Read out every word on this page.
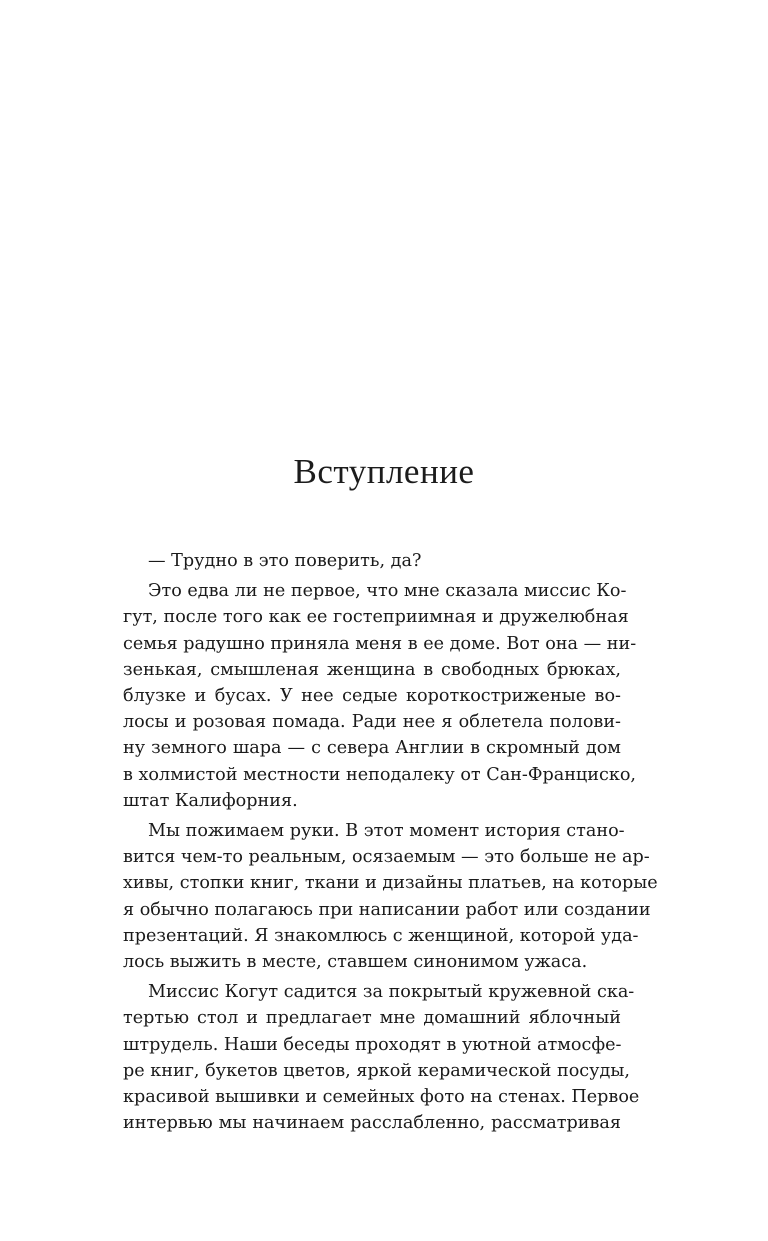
Вступление
— Трудно в это поверить, да?
Это едва ли не первое, что мне сказала миссис Ко-
гут, после того как ее гостеприимная и дружелюбная
семья радушно приняла меня в ее доме. Вот она — ни-
зенькая, смышленая женщина в свободных брюках,
блузке и бусах. У нее седые короткостриженые во-
лосы и розовая помада. Ради нее я облетела полови-
ну земного шара — с севера Англии в скромный дом
в холмистой местности неподалеку от Сан-Франциско,
штат Калифорния.
Мы пожимаем руки. В этот момент история стано-
вится чем-то реальным, осязаемым — это больше не ар-
хивы, стопки книг, ткани и дизайны платьев, на которые
я обычно полагаюсь при написании работ или создании
презентаций. Я знакомлюсь с женщиной, которой уда-
лось выжить в месте, ставшем синонимом ужаса.
Миссис Когут садится за покрытый кружевной ска-
тертью стол и предлагает мне домашний яблочный
штрудель. Наши беседы проходят в уютной атмосфе-
ре книг, букетов цветов, яркой керамической посуды,
красивой вышивки и семейных фото на стенах. Первое
интервью мы начинаем расслабленно, рассматривая
